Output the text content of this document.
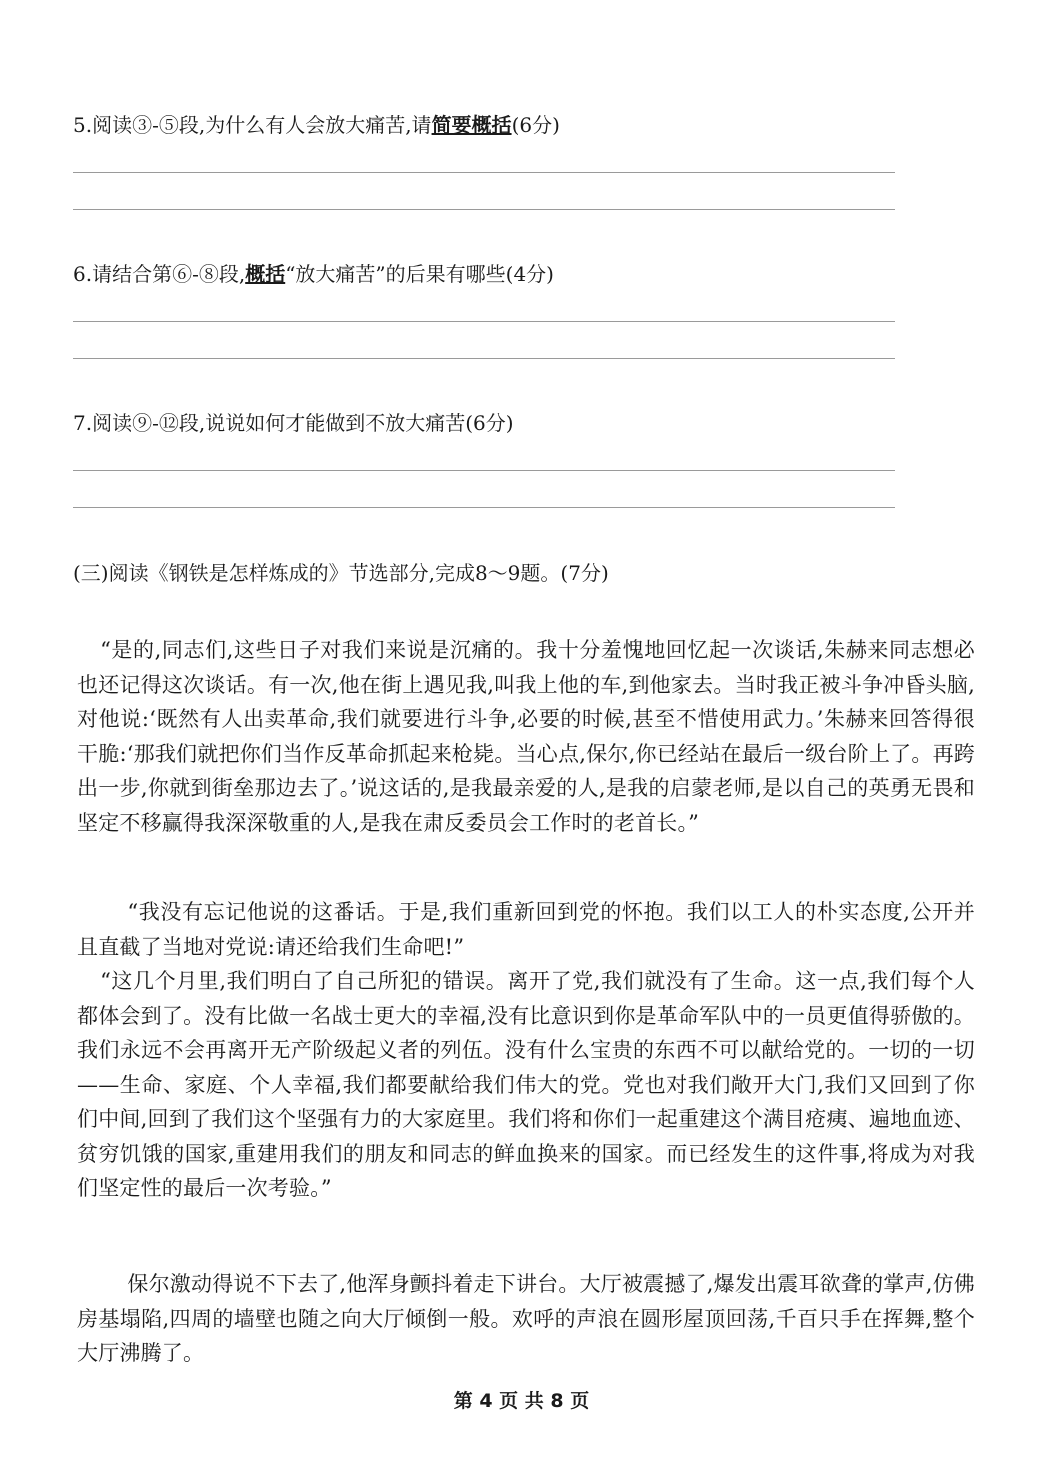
5.阅读③-⑤段,为什么有人会放大痛苦,请简要概括(6分)
6.请结合第⑥-⑧段,概括“放大痛苦”的后果有哪些(4分)
7.阅读⑨-⑫段,说说如何才能做到不放大痛苦(6分)
(三)阅读《钢铁是怎样炼成的》节选部分,完成8～9题。(7分)

“是的,同志们,这些日子对我们来说是沉痛的。我十分羞愧地回忆起一次谈话,朱赫来同志想必也还记得这次谈话。有一次,他在街上遇见我,叫我上他的车,到他家去。当时我正被斗争冲昏头脑,对他说:‘既然有人出卖革命,我们就要进行斗争,必要的时候,甚至不惜使用武力。’朱赫来回答得很干脆:‘那我们就把你们当作反革命抓起来枪毙。当心点,保尔,你已经站在最后一级台阶上了。再跨出一步,你就到街垒那边去了。’说这话的,是我最亲爱的人,是我的启蒙老师,是以自己的英勇无畏和坚定不移赢得我深深敬重的人,是我在肃反委员会工作时的老首长。”

“我没有忘记他说的这番话。于是,我们重新回到党的怀抱。我们以工人的朴实态度,公开并且直截了当地对党说:请还给我们生命吧!”

“这几个月里,我们明白了自己所犯的错误。离开了党,我们就没有了生命。这一点,我们每个人都体会到了。没有比做一名战士更大的幸福,没有比意识到你是革命军队中的一员更值得骄傲的。我们永远不会再离开无产阶级起义者的列伍。没有什么宝贵的东西不可以献给党的。一切的一切——生命、家庭、个人幸福,我们都要献给我们伟大的党。党也对我们敞开大门,我们又回到了你们中间,回到了我们这个坚强有力的大家庭里。我们将和你们一起重建这个满目疮痍、遍地血迹、贫穷饥饿的国家,重建用我们的朋友和同志的鲜血换来的国家。而已经发生的这件事,将成为对我们坚定性的最后一次考验。”

保尔激动得说不下去了,他浑身颤抖着走下讲台。大厅被震撼了,爆发出震耳欲聋的掌声,仿佛房基塌陷,四周的墙壁也随之向大厅倾倒一般。欢呼的声浪在圆形屋顶回荡,千百只手在挥舞,整个大厅沸腾了。

第 4 页 共 8 页
